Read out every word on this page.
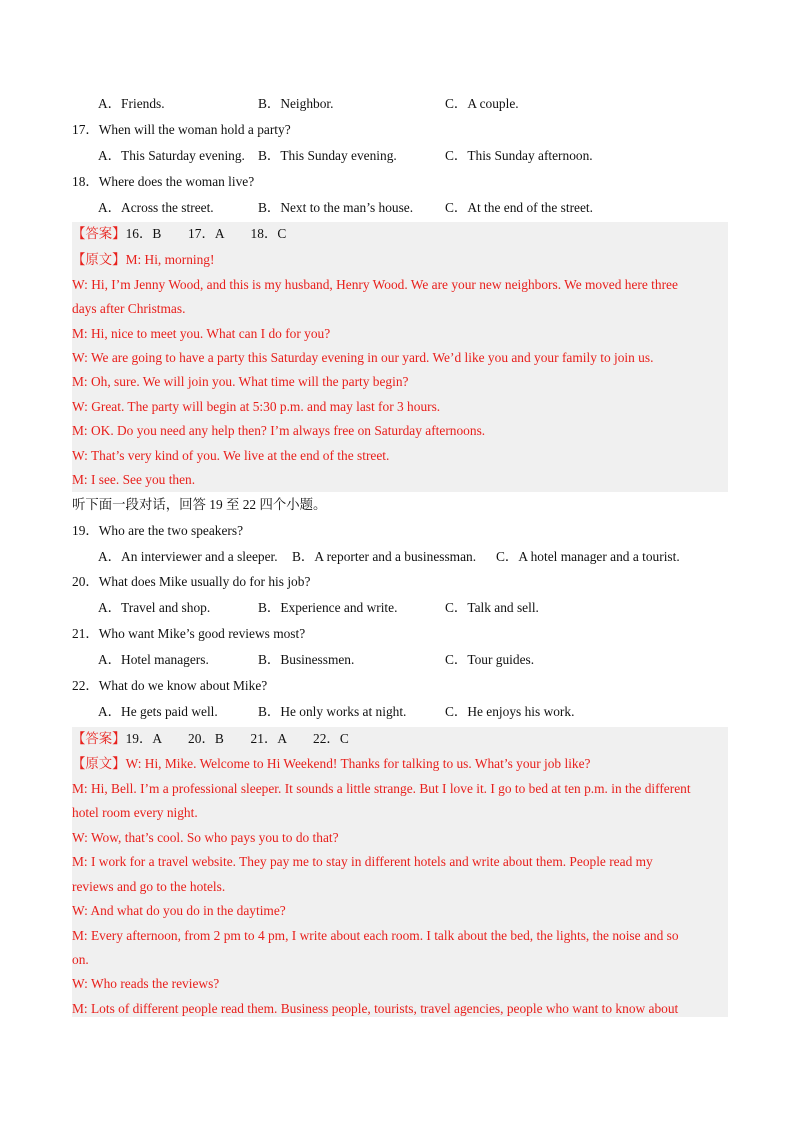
A．Friends.	B．Neighbor.	C．A couple.
17．When will the woman hold a party?
A．This Saturday evening. B．This Sunday evening.	C．This Sunday afternoon.
18．Where does the woman live?
A．Across the street.	B．Next to the man’s house. C．At the end of the street.
【答案】16．B　　17．A　　18．C
【原文】M: Hi, morning!
W: Hi, I’m Jenny Wood, and this is my husband, Henry Wood. We are your new neighbors. We moved here three
days after Christmas.
M: Hi, nice to meet you. What can I do for you?
W: We are going to have a party this Saturday evening in our yard. We’d like you and your family to join us.
M: Oh, sure. We will join you. What time will the party begin?
W: Great. The party will begin at 5:30 p.m. and may last for 3 hours.
M: OK. Do you need any help then? I’m always free on Saturday afternoons.
W: That’s very kind of you. We live at the end of the street.
M: I see. See you then.
听下面一段对话，回答 19 至 22 四个小题。
19．Who are the two speakers?
A．An interviewer and a sleeper. B．A reporter and a businessman. C．A hotel manager and a tourist.
20．What does Mike usually do for his job?
A．Travel and shop.	B．Experience and write.	C．Talk and sell.
21．Who want Mike’s good reviews most?
A．Hotel managers.	B．Businessmen.	C．Tour guides.
22．What do we know about Mike?
A．He gets paid well.	B．He only works at night.	C．He enjoys his work.
【答案】19．A　　20．B　　21．A　　22．C
【原文】W: Hi, Mike. Welcome to Hi Weekend! Thanks for talking to us. What’s your job like?
M: Hi, Bell. I’m a professional sleeper. It sounds a little strange. But I love it. I go to bed at ten p.m. in the different
hotel room every night.
W: Wow, that’s cool. So who pays you to do that?
M: I work for a travel website. They pay me to stay in different hotels and write about them. People read my
reviews and go to the hotels.
W: And what do you do in the daytime?
M: Every afternoon, from 2 pm to 4 pm, I write about each room. I talk about the bed, the lights, the noise and so
on.
W: Who reads the reviews?
M: Lots of different people read them. Business people, tourists, travel agencies, people who want to know about
